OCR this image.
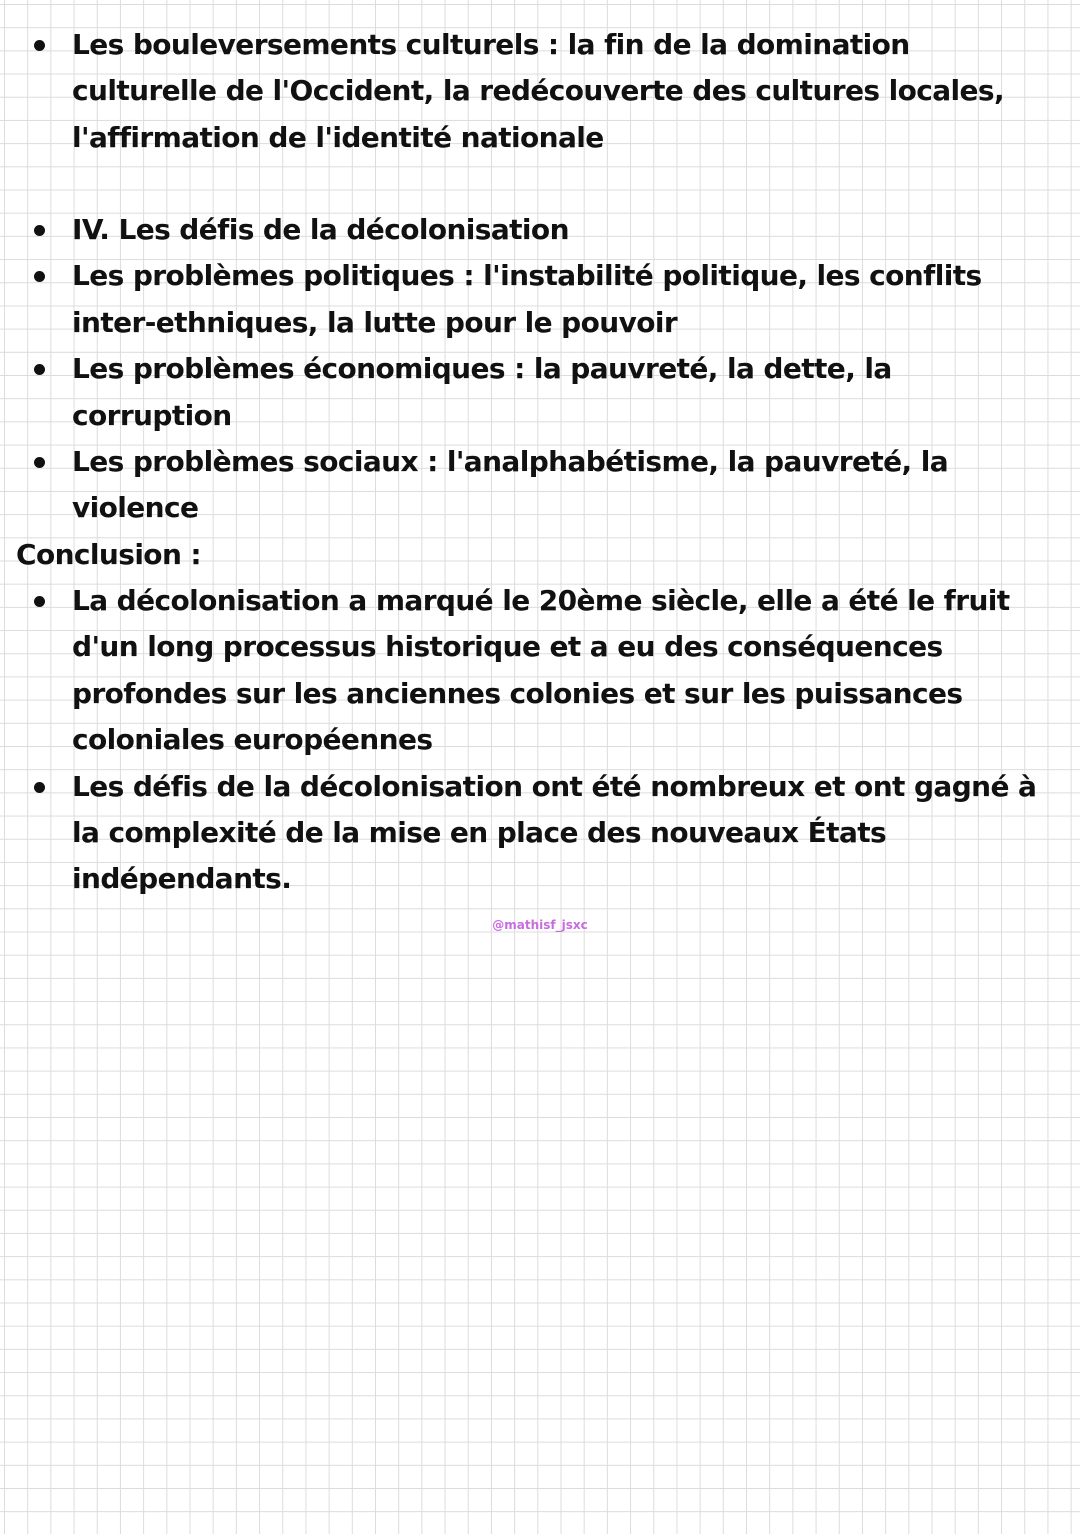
Les bouleversements culturels : la fin de la domination culturelle de l'Occident, la redécouverte des cultures locales, l'affirmation de l'identité nationale
IV. Les défis de la décolonisation
Les problèmes politiques : l'instabilité politique, les conflits inter-ethniques, la lutte pour le pouvoir
Les problèmes économiques : la pauvreté, la dette, la corruption
Les problèmes sociaux : l'analphabétisme, la pauvreté, la violence
Conclusion :
La décolonisation a marqué le 20ème siècle, elle a été le fruit d'un long processus historique et a eu des conséquences profondes sur les anciennes colonies et sur les puissances coloniales européennes
Les défis de la décolonisation ont été nombreux et ont gagné à la complexité de la mise en place des nouveaux États indépendants.
@mathisf_jsxc
